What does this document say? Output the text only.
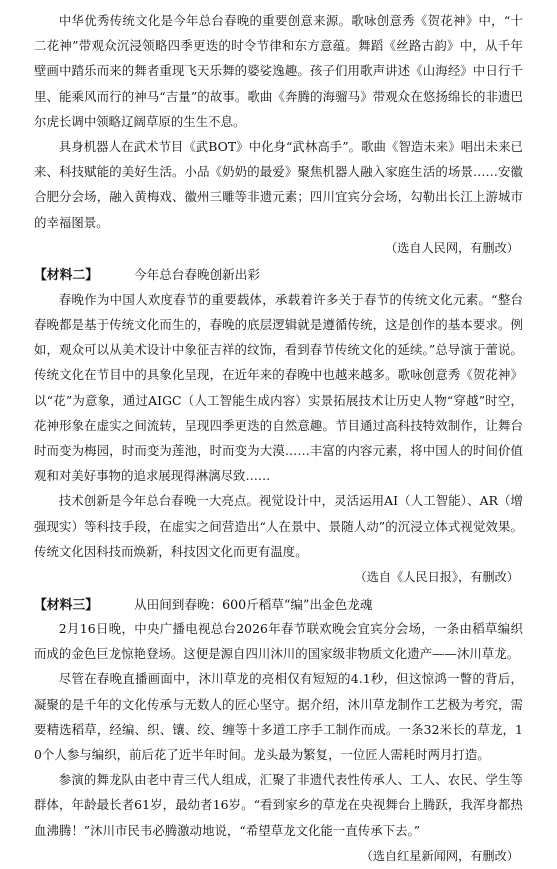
中华优秀传统文化是今年总台春晚的重要创意来源。歌咏创意秀《贺花神》中，“十二花神”带观众沉浸领略四季更迭的时令节律和东方意蕴。舞蹈《丝路古韵》中，从千年壁画中踏乐而来的舞者重现飞天乐舞的婆娑逸趣。孩子们用歌声讲述《山海经》中日行千里、能乘风而行的神马“吉量”的故事。歌曲《奔腾的海骝马》带观众在悠扬绵长的非遗巴尔虎长调中领略辽阔草原的生生不息。

具身机器人在武术节目《武BOT》中化身“武林高手”。歌曲《智造未来》唱出未来已来、科技赋能的美好生活。小品《奶奶的最爱》聚焦机器人融入家庭生活的场景……安徽合肥分会场，融入黄梅戏、徽州三雕等非遗元素；四川宜宾分会场，勾勒出长江上游城市的幸福图景。

（选自人民网，有删改）
【材料二】	今年总台春晚创新出彩

春晚作为中国人欢度春节的重要载体，承载着许多关于春节的传统文化元素。“整台春晚都是基于传统文化而生的，春晚的底层逻辑就是遵循传统，这是创作的基本要求。例如，观众可以从美术设计中象征吉祥的纹饰，看到春节传统文化的延续。”总导演于蕾说。传统文化在节目中的具象化呈现，在近年来的春晚中也越来越多。歌咏创意秀《贺花神》以“花”为意象，通过AIGC（人工智能生成内容）实景拓展技术让历史人物“穿越”时空，花神形象在虚实之间流转，呈现四季更迭的自然意趣。节目通过高科技特效制作，让舞台时而变为梅园，时而变为莲池，时而变为大漠……丰富的内容元素，将中国人的时间价值观和对美好事物的追求展现得淋漓尽致……

技术创新是今年总台春晚一大亮点。视觉设计中，灵活运用AI（人工智能）、AR（增强现实）等科技手段，在虚实之间营造出“人在景中、景随人动”的沉浸立体式视觉效果。传统文化因科技而焕新，科技因文化而更有温度。

（选自《人民日报》，有删改）
【材料三】	从田间到春晚：600斤稻草“编”出金色龙魂

2月16日晚，中央广播电视总台2026年春节联欢晚会宜宾分会场，一条由稻草编织而成的金色巨龙惊艳登场。这便是源自四川沐川的国家级非物质文化遗产——沐川草龙。

尽管在春晚直播画面中，沐川草龙的亮相仅有短短的4.1秒，但这惊鸿一瞥的背后，凝聚的是千年的文化传承与无数人的匠心坚守。据介绍，沐川草龙制作工艺极为考究，需要精选稻草，经编、织、镶、绞、缠等十多道工序手工制作而成。一条32米长的草龙，10个人参与编织，前后花了近半年时间。龙头最为繁复，一位匠人需耗时两月打造。

参演的舞龙队由老中青三代人组成，汇聚了非遗代表性传承人、工人、农民、学生等群体，年龄最长者61岁，最幼者16岁。“看到家乡的草龙在央视舞台上腾跃，我浑身都热血沸腾！”沐川市民韦必腾激动地说，“希望草龙文化能一直传承下去。”

（选自红星新闻网，有删改）
